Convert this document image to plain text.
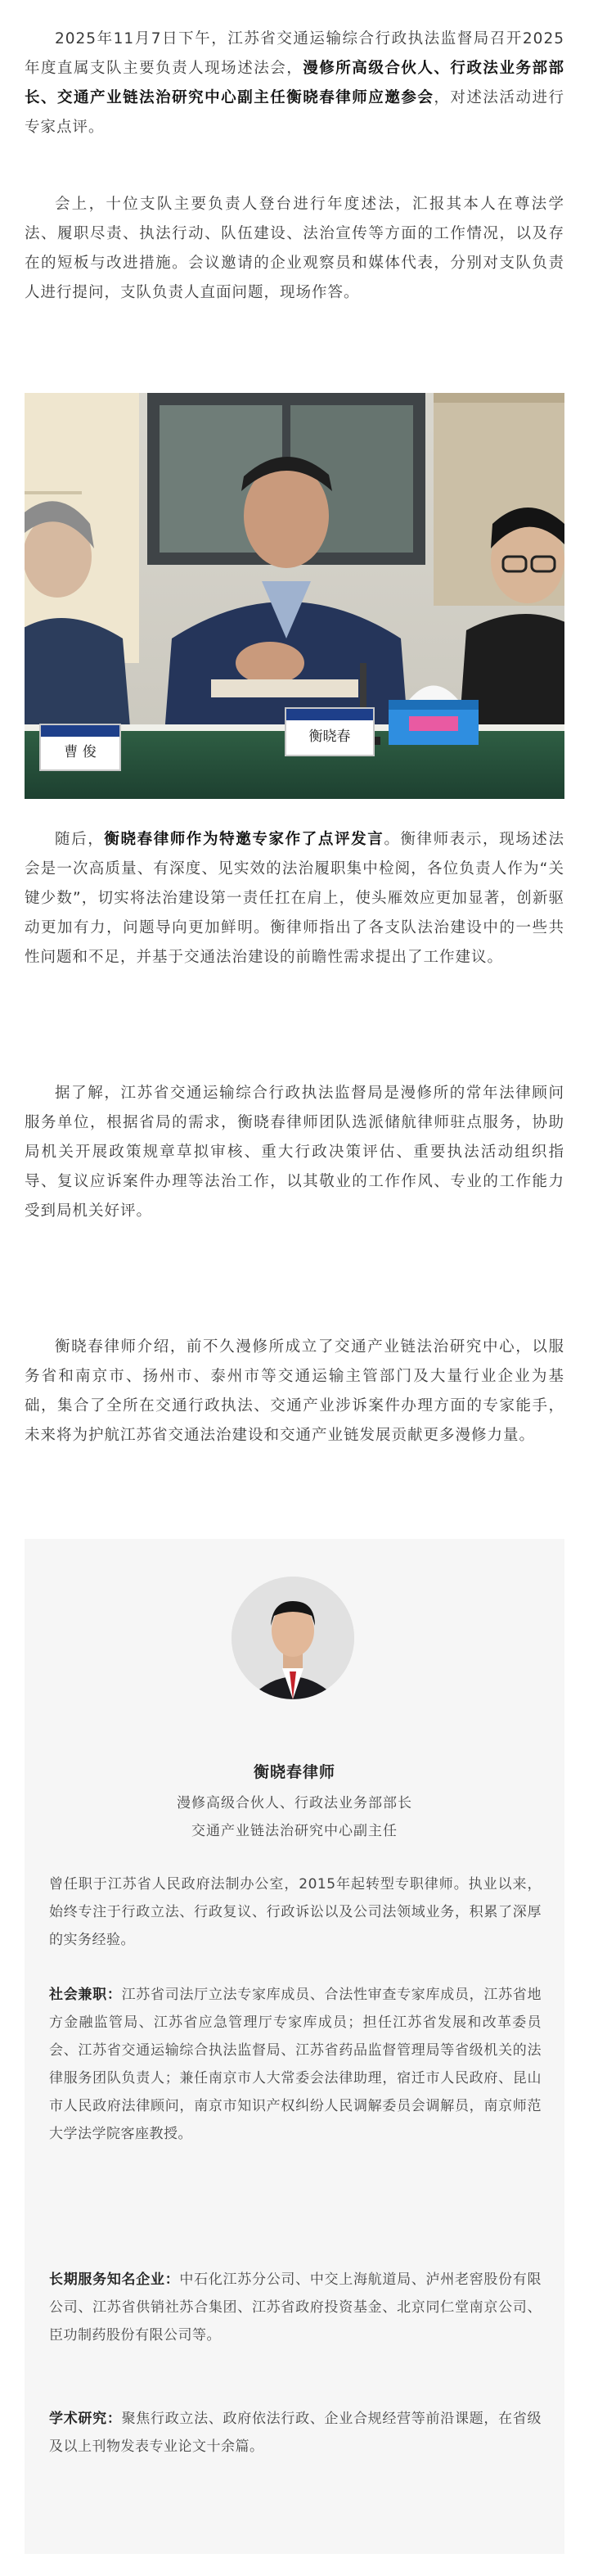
2025年11月7日下午，江苏省交通运输综合行政执法监督局召开2025年度直属支队主要负责人现场述法会，漫修所高级合伙人、行政法业务部部长、交通产业链法治研究中心副主任衡晓春律师应邀参会，对述法活动进行专家点评。

会上，十位支队主要负责人登台进行年度述法，汇报其本人在尊法学法、履职尽责、执法行动、队伍建设、法治宣传等方面的工作情况，以及存在的短板与改进措施。会议邀请的企业观察员和媒体代表，分别对支队负责人进行提问，支队负责人直面问题，现场作答。

曹 俊
衡晓春

随后，衡晓春律师作为特邀专家作了点评发言。衡律师表示，现场述法会是一次高质量、有深度、见实效的法治履职集中检阅，各位负责人作为“关键少数”，切实将法治建设第一责任扛在肩上，使头雁效应更加显著，创新驱动更加有力，问题导向更加鲜明。衡律师指出了各支队法治建设中的一些共性问题和不足，并基于交通法治建设的前瞻性需求提出了工作建议。

据了解，江苏省交通运输综合行政执法监督局是漫修所的常年法律顾问服务单位，根据省局的需求，衡晓春律师团队选派储航律师驻点服务，协助局机关开展政策规章草拟审核、重大行政决策评估、重要执法活动组织指导、复议应诉案件办理等法治工作，以其敬业的工作作风、专业的工作能力受到局机关好评。

衡晓春律师介绍，前不久漫修所成立了交通产业链法治研究中心，以服务省和南京市、扬州市、泰州市等交通运输主管部门及大量行业企业为基础，集合了全所在交通行政执法、交通产业涉诉案件办理方面的专家能手，未来将为护航江苏省交通法治建设和交通产业链发展贡献更多漫修力量。

衡晓春律师
漫修高级合伙人、行政法业务部部长
交通产业链法治研究中心副主任

曾任职于江苏省人民政府法制办公室，2015年起转型专职律师。执业以来，始终专注于行政立法、行政复议、行政诉讼以及公司法领域业务，积累了深厚的实务经验。

社会兼职：江苏省司法厅立法专家库成员、合法性审查专家库成员，江苏省地方金融监管局、江苏省应急管理厅专家库成员；担任江苏省发展和改革委员会、江苏省交通运输综合执法监督局、江苏省药品监督管理局等省级机关的法律服务团队负责人；兼任南京市人大常委会法律助理，宿迁市人民政府、昆山市人民政府法律顾问，南京市知识产权纠纷人民调解委员会调解员，南京师范大学法学院客座教授。

长期服务知名企业：中石化江苏分公司、中交上海航道局、泸州老窖股份有限公司、江苏省供销社苏合集团、江苏省政府投资基金、北京同仁堂南京公司、臣功制药股份有限公司等。

学术研究：聚焦行政立法、政府依法行政、企业合规经营等前沿课题，在省级及以上刊物发表专业论文十余篇。
